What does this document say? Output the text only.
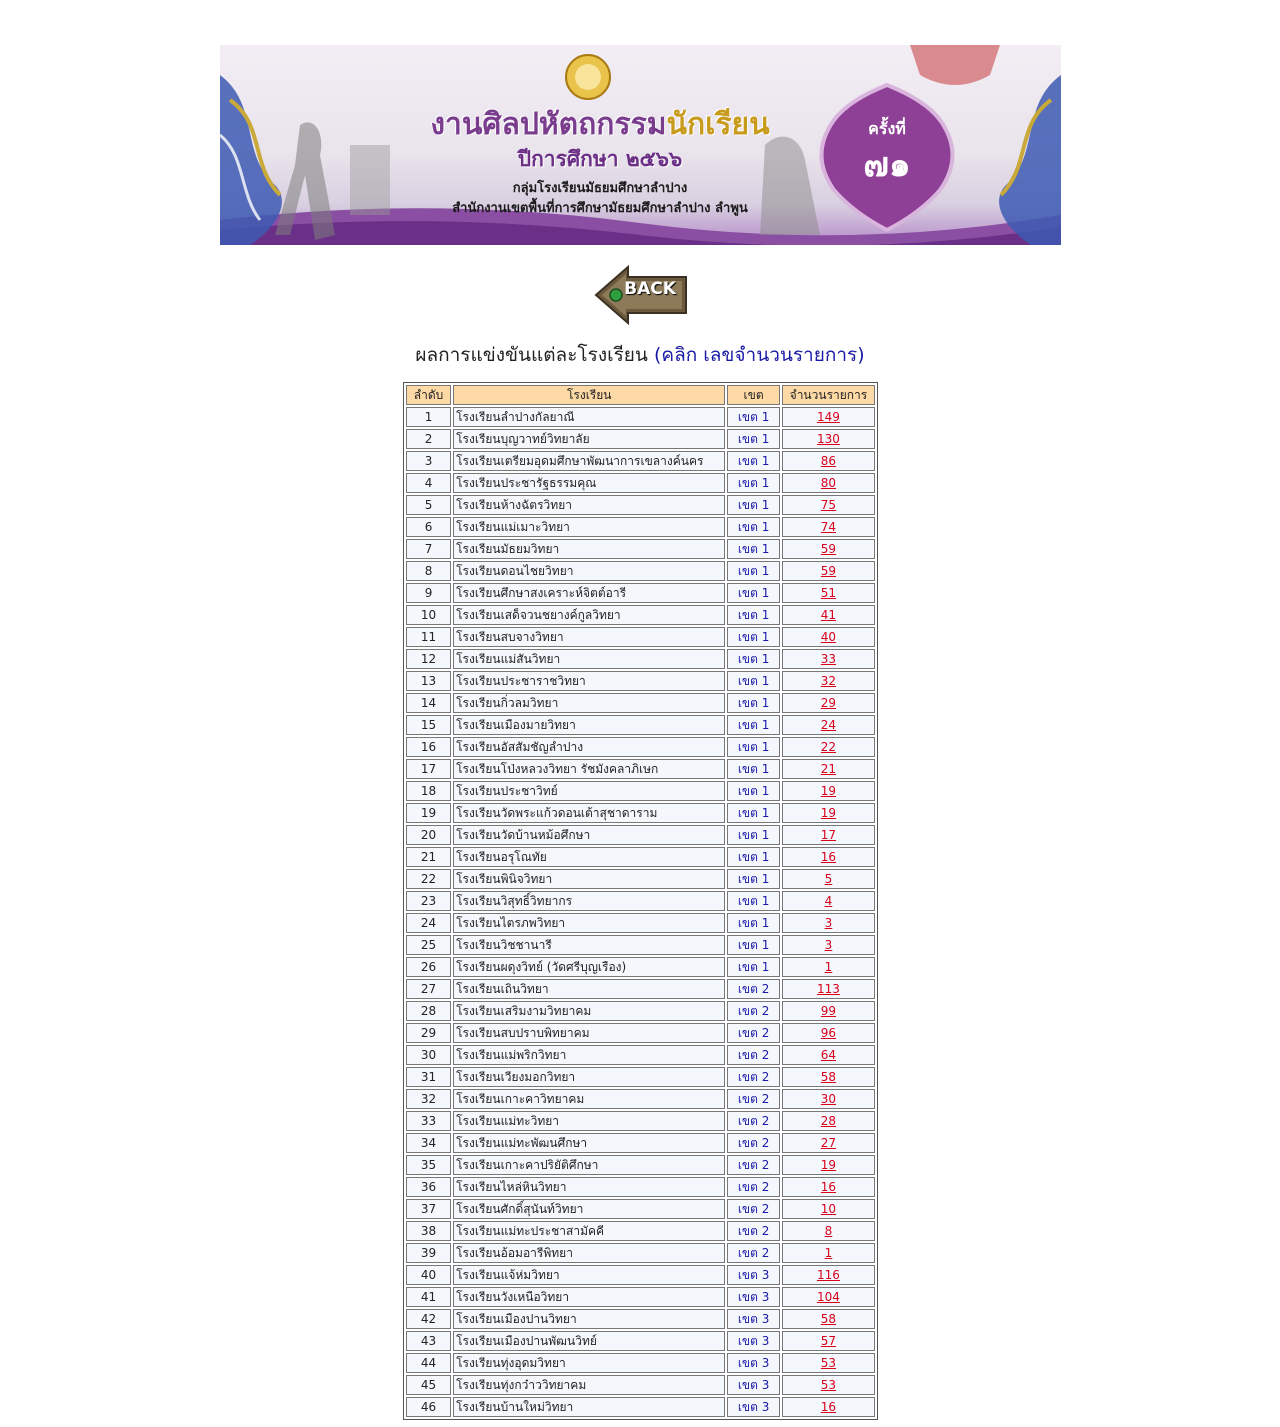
งานศิลปหัตถกรรมนักเรียน
ปีการศึกษา ๒๕๖๖
กลุ่มโรงเรียนมัธยมศึกษาลำปาง
สำนักงานเขตพื้นที่การศึกษามัธยมศึกษาลำปาง ลำพูน
ครั้งที่
๗๑
BACK
ผลการแข่งขันแต่ละโรงเรียน (คลิก เลขจำนวนรายการ)
ลำดับ	โรงเรียน	เขต	จำนวนรายการ
1	โรงเรียนลำปางกัลยาณี	เขต 1	149
2	โรงเรียนบุญวาทย์วิทยาลัย	เขต 1	130
3	โรงเรียนเตรียมอุดมศึกษาพัฒนาการเขลางค์นคร	เขต 1	86
4	โรงเรียนประชารัฐธรรมคุณ	เขต 1	80
5	โรงเรียนห้างฉัตรวิทยา	เขต 1	75
6	โรงเรียนแม่เมาะวิทยา	เขต 1	74
7	โรงเรียนมัธยมวิทยา	เขต 1	59
8	โรงเรียนดอนไชยวิทยา	เขต 1	59
9	โรงเรียนศึกษาสงเคราะห์จิตต์อารี	เขต 1	51
10	โรงเรียนเสด็จวนชยางค์กูลวิทยา	เขต 1	41
11	โรงเรียนสบจางวิทยา	เขต 1	40
12	โรงเรียนแม่สันวิทยา	เขต 1	33
13	โรงเรียนประชาราชวิทยา	เขต 1	32
14	โรงเรียนกิ่วลมวิทยา	เขต 1	29
15	โรงเรียนเมืองมายวิทยา	เขต 1	24
16	โรงเรียนอัสสัมชัญลำปาง	เขต 1	22
17	โรงเรียนโป่งหลวงวิทยา รัชมังคลาภิเษก	เขต 1	21
18	โรงเรียนประชาวิทย์	เขต 1	19
19	โรงเรียนวัดพระแก้วดอนเต้าสุชาดาราม	เขต 1	19
20	โรงเรียนวัดบ้านหม้อศึกษา	เขต 1	17
21	โรงเรียนอรุโณทัย	เขต 1	16
22	โรงเรียนพินิจวิทยา	เขต 1	5
23	โรงเรียนวิสุทธิ์วิทยากร	เขต 1	4
24	โรงเรียนไตรภพวิทยา	เขต 1	3
25	โรงเรียนวิชชานารี	เขต 1	3
26	โรงเรียนผดุงวิทย์ (วัดศรีบุญเรือง)	เขต 1	1
27	โรงเรียนเถินวิทยา	เขต 2	113
28	โรงเรียนเสริมงามวิทยาคม	เขต 2	99
29	โรงเรียนสบปราบพิทยาคม	เขต 2	96
30	โรงเรียนแม่พริกวิทยา	เขต 2	64
31	โรงเรียนเวียงมอกวิทยา	เขต 2	58
32	โรงเรียนเกาะคาวิทยาคม	เขต 2	30
33	โรงเรียนแม่ทะวิทยา	เขต 2	28
34	โรงเรียนแม่ทะพัฒนศึกษา	เขต 2	27
35	โรงเรียนเกาะคาปริยัติศึกษา	เขต 2	19
36	โรงเรียนไหล่หินวิทยา	เขต 2	16
37	โรงเรียนศักดิ์สุนันท์วิทยา	เขต 2	10
38	โรงเรียนแม่ทะประชาสามัคคี	เขต 2	8
39	โรงเรียนอ้อมอารีพิทยา	เขต 2	1
40	โรงเรียนแจ้ห่มวิทยา	เขต 3	116
41	โรงเรียนวังเหนือวิทยา	เขต 3	104
42	โรงเรียนเมืองปานวิทยา	เขต 3	58
43	โรงเรียนเมืองปานพัฒนวิทย์	เขต 3	57
44	โรงเรียนทุ่งอุดมวิทยา	เขต 3	53
45	โรงเรียนทุ่งกว๋าววิทยาคม	เขต 3	53
46	โรงเรียนบ้านใหม่วิทยา	เขต 3	16
